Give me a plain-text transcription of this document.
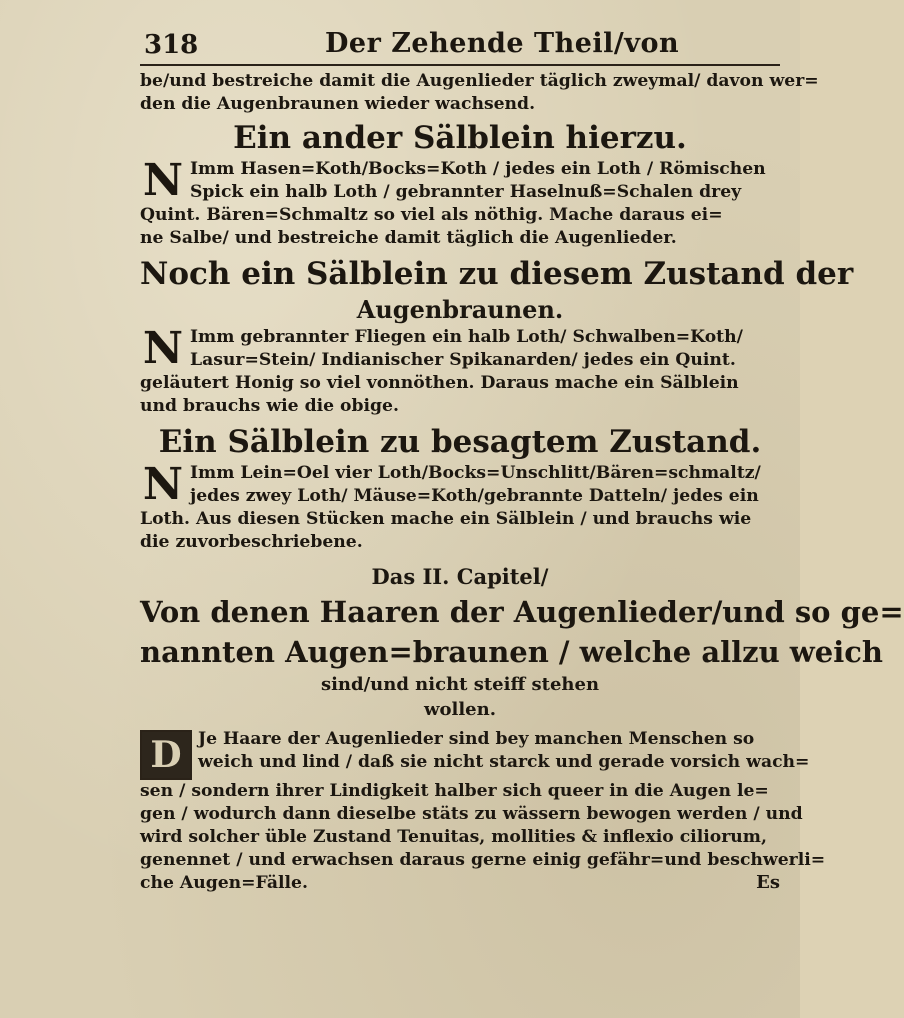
318	Der Zehende Theil/von

be/und bestreiche damit die Augenlieder täglich zweymal/ davon wer=
den die Augenbraunen wieder wachsend.

Ein ander Sälblein hierzu.

N Imm Hasen=Koth/Bocks=Koth / jedes ein Loth / Römischen
Spick ein halb Loth / gebrannter Haselnuß=Schalen drey
Quint. Bären=Schmaltz so viel als nöthig. Mache daraus ei=
ne Salbe/ und bestreiche damit täglich die Augenlieder.

Noch ein Sälblein zu diesem Zustand der
Augenbraunen.

N Imm gebrannter Fliegen ein halb Loth/ Schwalben=Koth/
Lasur=Stein/ Indianischer Spikanarden/ jedes ein Quint.
geläutert Honig so viel vonnöthen. Daraus mache ein Sälblein
und brauchs wie die obige.

Ein Sälblein zu besagtem Zustand.

N Imm Lein=Oel vier Loth/Bocks=Unschlitt/Bären=schmaltz/
jedes zwey Loth/ Mäuse=Koth/gebrannte Datteln/ jedes ein
Loth. Aus diesen Stücken mache ein Sälblein / und brauchs wie
die zuvorbeschriebene.

Das II. Capitel/
Von denen Haaren der Augenlieder/und so ge=
nannten Augen=braunen / welche allzu weich
sind/und nicht steiff stehen
wollen.

D Je Haare der Augenlieder sind bey manchen Menschen so
weich und lind / daß sie nicht starck und gerade vorsich wach=
sen / sondern ihrer Lindigkeit halber sich queer in die Augen le=
gen / wodurch dann dieselbe stäts zu wässern bewogen werden / und
wird solcher üble Zustand Tenuitas, mollities & inflexio ciliorum,
genennet / und erwachsen daraus gerne einig gefähr=und beschwerli=
che Augen=Fälle.	Es
